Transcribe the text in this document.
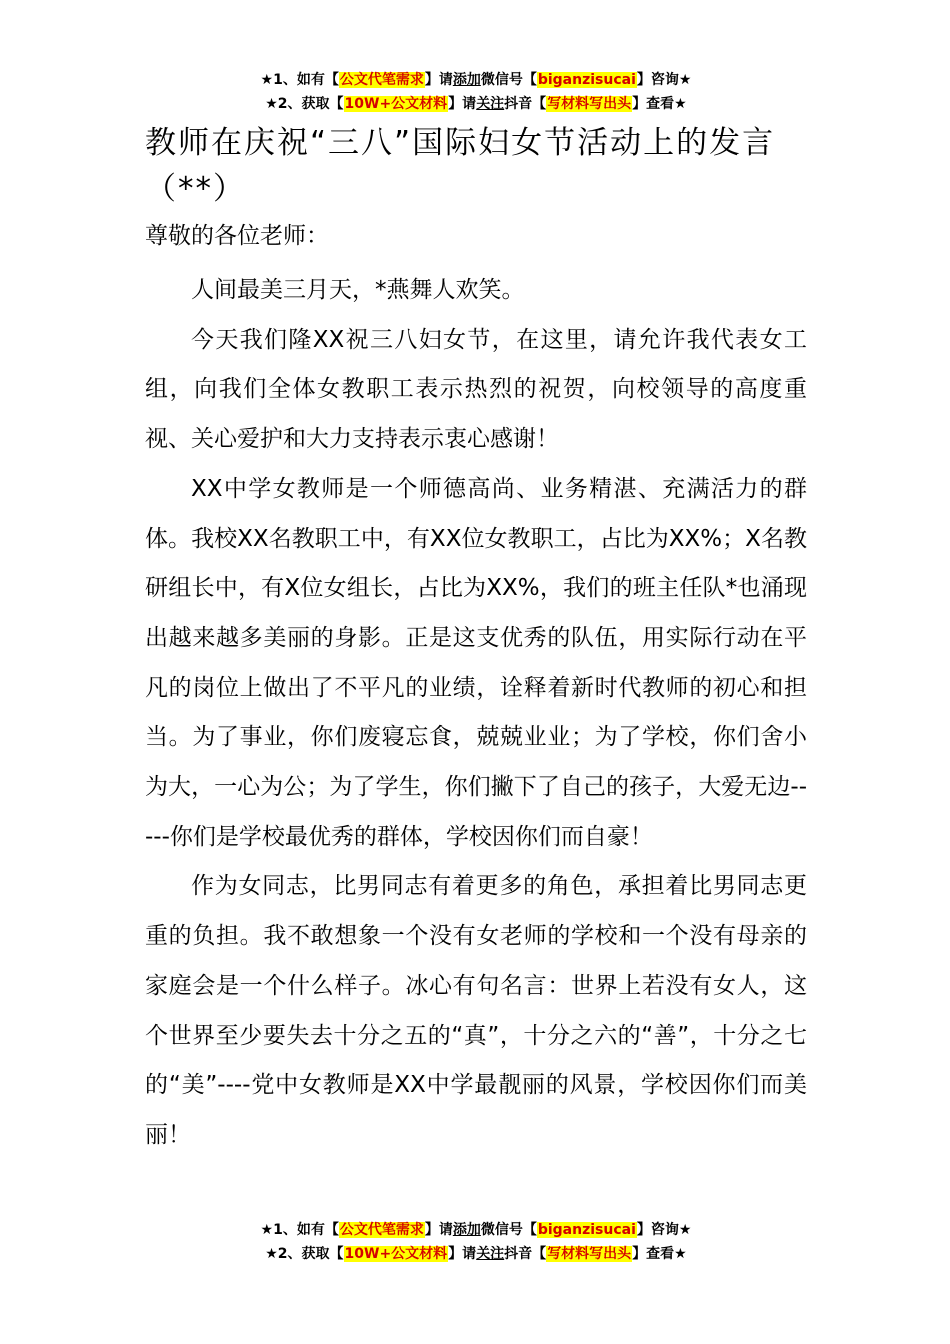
★1、如有【公文代笔需求】请添加微信号【biganzisucai】咨询★
★2、获取【10W+公文材料】请关注抖音【写材料写出头】查看★
教师在庆祝“三八”国际妇女节活动上的发言（**）
尊敬的各位老师：

人间最美三月天，*燕舞人欢笑。

今天我们隆XX祝三八妇女节，在这里，请允许我代表女工组，向我们全体女教职工表示热烈的祝贺，向校领导的高度重视、关心爱护和大力支持表示衷心感谢！

XX中学女教师是一个师德高尚、业务精湛、充满活力的群体。我校XX名教职工中，有XX位女教职工，占比为XX%；X名教研组长中，有X位女组长，占比为XX%，我们的班主任队*也涌现出越来越多美丽的身影。正是这支优秀的队伍，用实际行动在平凡的岗位上做出了不平凡的业绩，诠释着新时代教师的初心和担当。为了事业，你们废寝忘食，兢兢业业；为了学校，你们舍小为大，一心为公；为了学生，你们撇下了自己的孩子，大爱无边-----你们是学校最优秀的群体，学校因你们而自豪！

作为女同志，比男同志有着更多的角色，承担着比男同志更重的负担。我不敢想象一个没有女老师的学校和一个没有母亲的家庭会是一个什么样子。冰心有句名言：世界上若没有女人，这个世界至少要失去十分之五的“真”，十分之六的“善”，十分之七的“美”----党中女教师是XX中学最靓丽的风景，学校因你们而美丽！

★1、如有【公文代笔需求】请添加微信号【biganzisucai】咨询★
★2、获取【10W+公文材料】请关注抖音【写材料写出头】查看★
